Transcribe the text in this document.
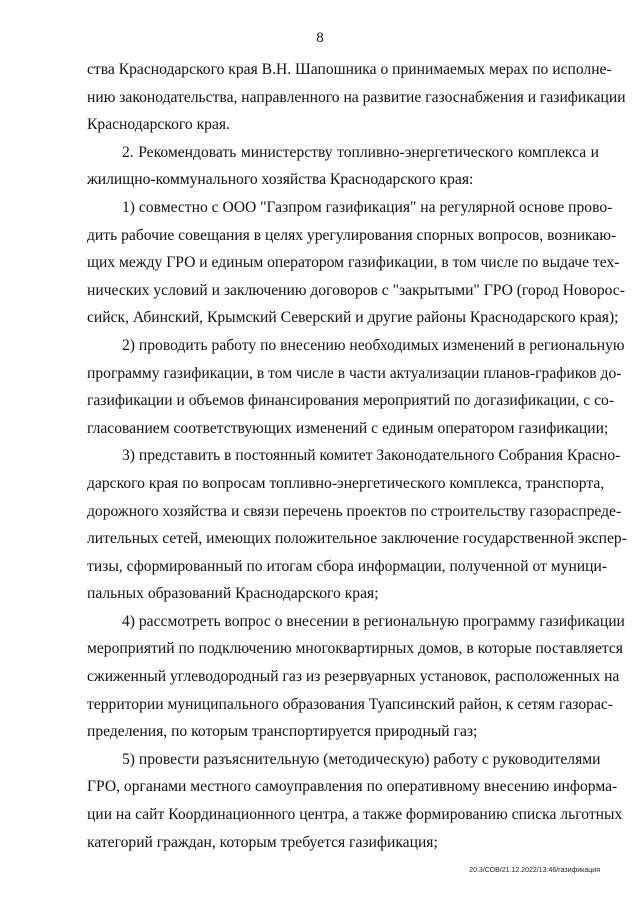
8
ства Краснодарского края В.Н. Шапошника о принимаемых мерах по исполне-
нию законодательства, направленного на развитие газоснабжения и газификации
Краснодарского края.
2. Рекомендовать министерству топливно-энергетического комплекса и
жилищно-коммунального хозяйства Краснодарского края:
1) совместно с ООО "Газпром газификация" на регулярной основе прово-
дить рабочие совещания в целях урегулирования спорных вопросов, возникаю-
щих между ГРО и единым оператором газификации, в том числе по выдаче тех-
нических условий и заключению договоров с "закрытыми" ГРО (город Новорос-
сийск, Абинский, Крымский Северский и другие районы Краснодарского края);
2) проводить работу по внесению необходимых изменений в региональную
программу газификации, в том числе в части актуализации планов-графиков до-
газификации и объемов финансирования мероприятий по догазификации, с со-
гласованием соответствующих изменений с единым оператором газификации;
3) представить в постоянный комитет Законодательного Собрания Красно-
дарского края по вопросам топливно-энергетического комплекса, транспорта,
дорожного хозяйства и связи перечень проектов по строительству газораспреде-
лительных сетей, имеющих положительное заключение государственной экспер-
тизы, сформированный по итогам сбора информации, полученной от муници-
пальных образований Краснодарского края;
4) рассмотреть вопрос о внесении в региональную программу газификации
мероприятий по подключению многоквартирных домов, в которые поставляется
сжиженный углеводородный газ из резервуарных установок, расположенных на
территории муниципального образования Туапсинский район, к сетям газорас-
пределения, по которым транспортируется природный газ;
5) провести разъяснительную (методическую) работу с руководителями
ГРО, органами местного самоуправления по оперативному внесению информа-
ции на сайт Координационного центра, а также формированию списка льготных
категорий граждан, которым требуется газификация;
20.3/СОВ/21.12.2022/13:46/газификация
